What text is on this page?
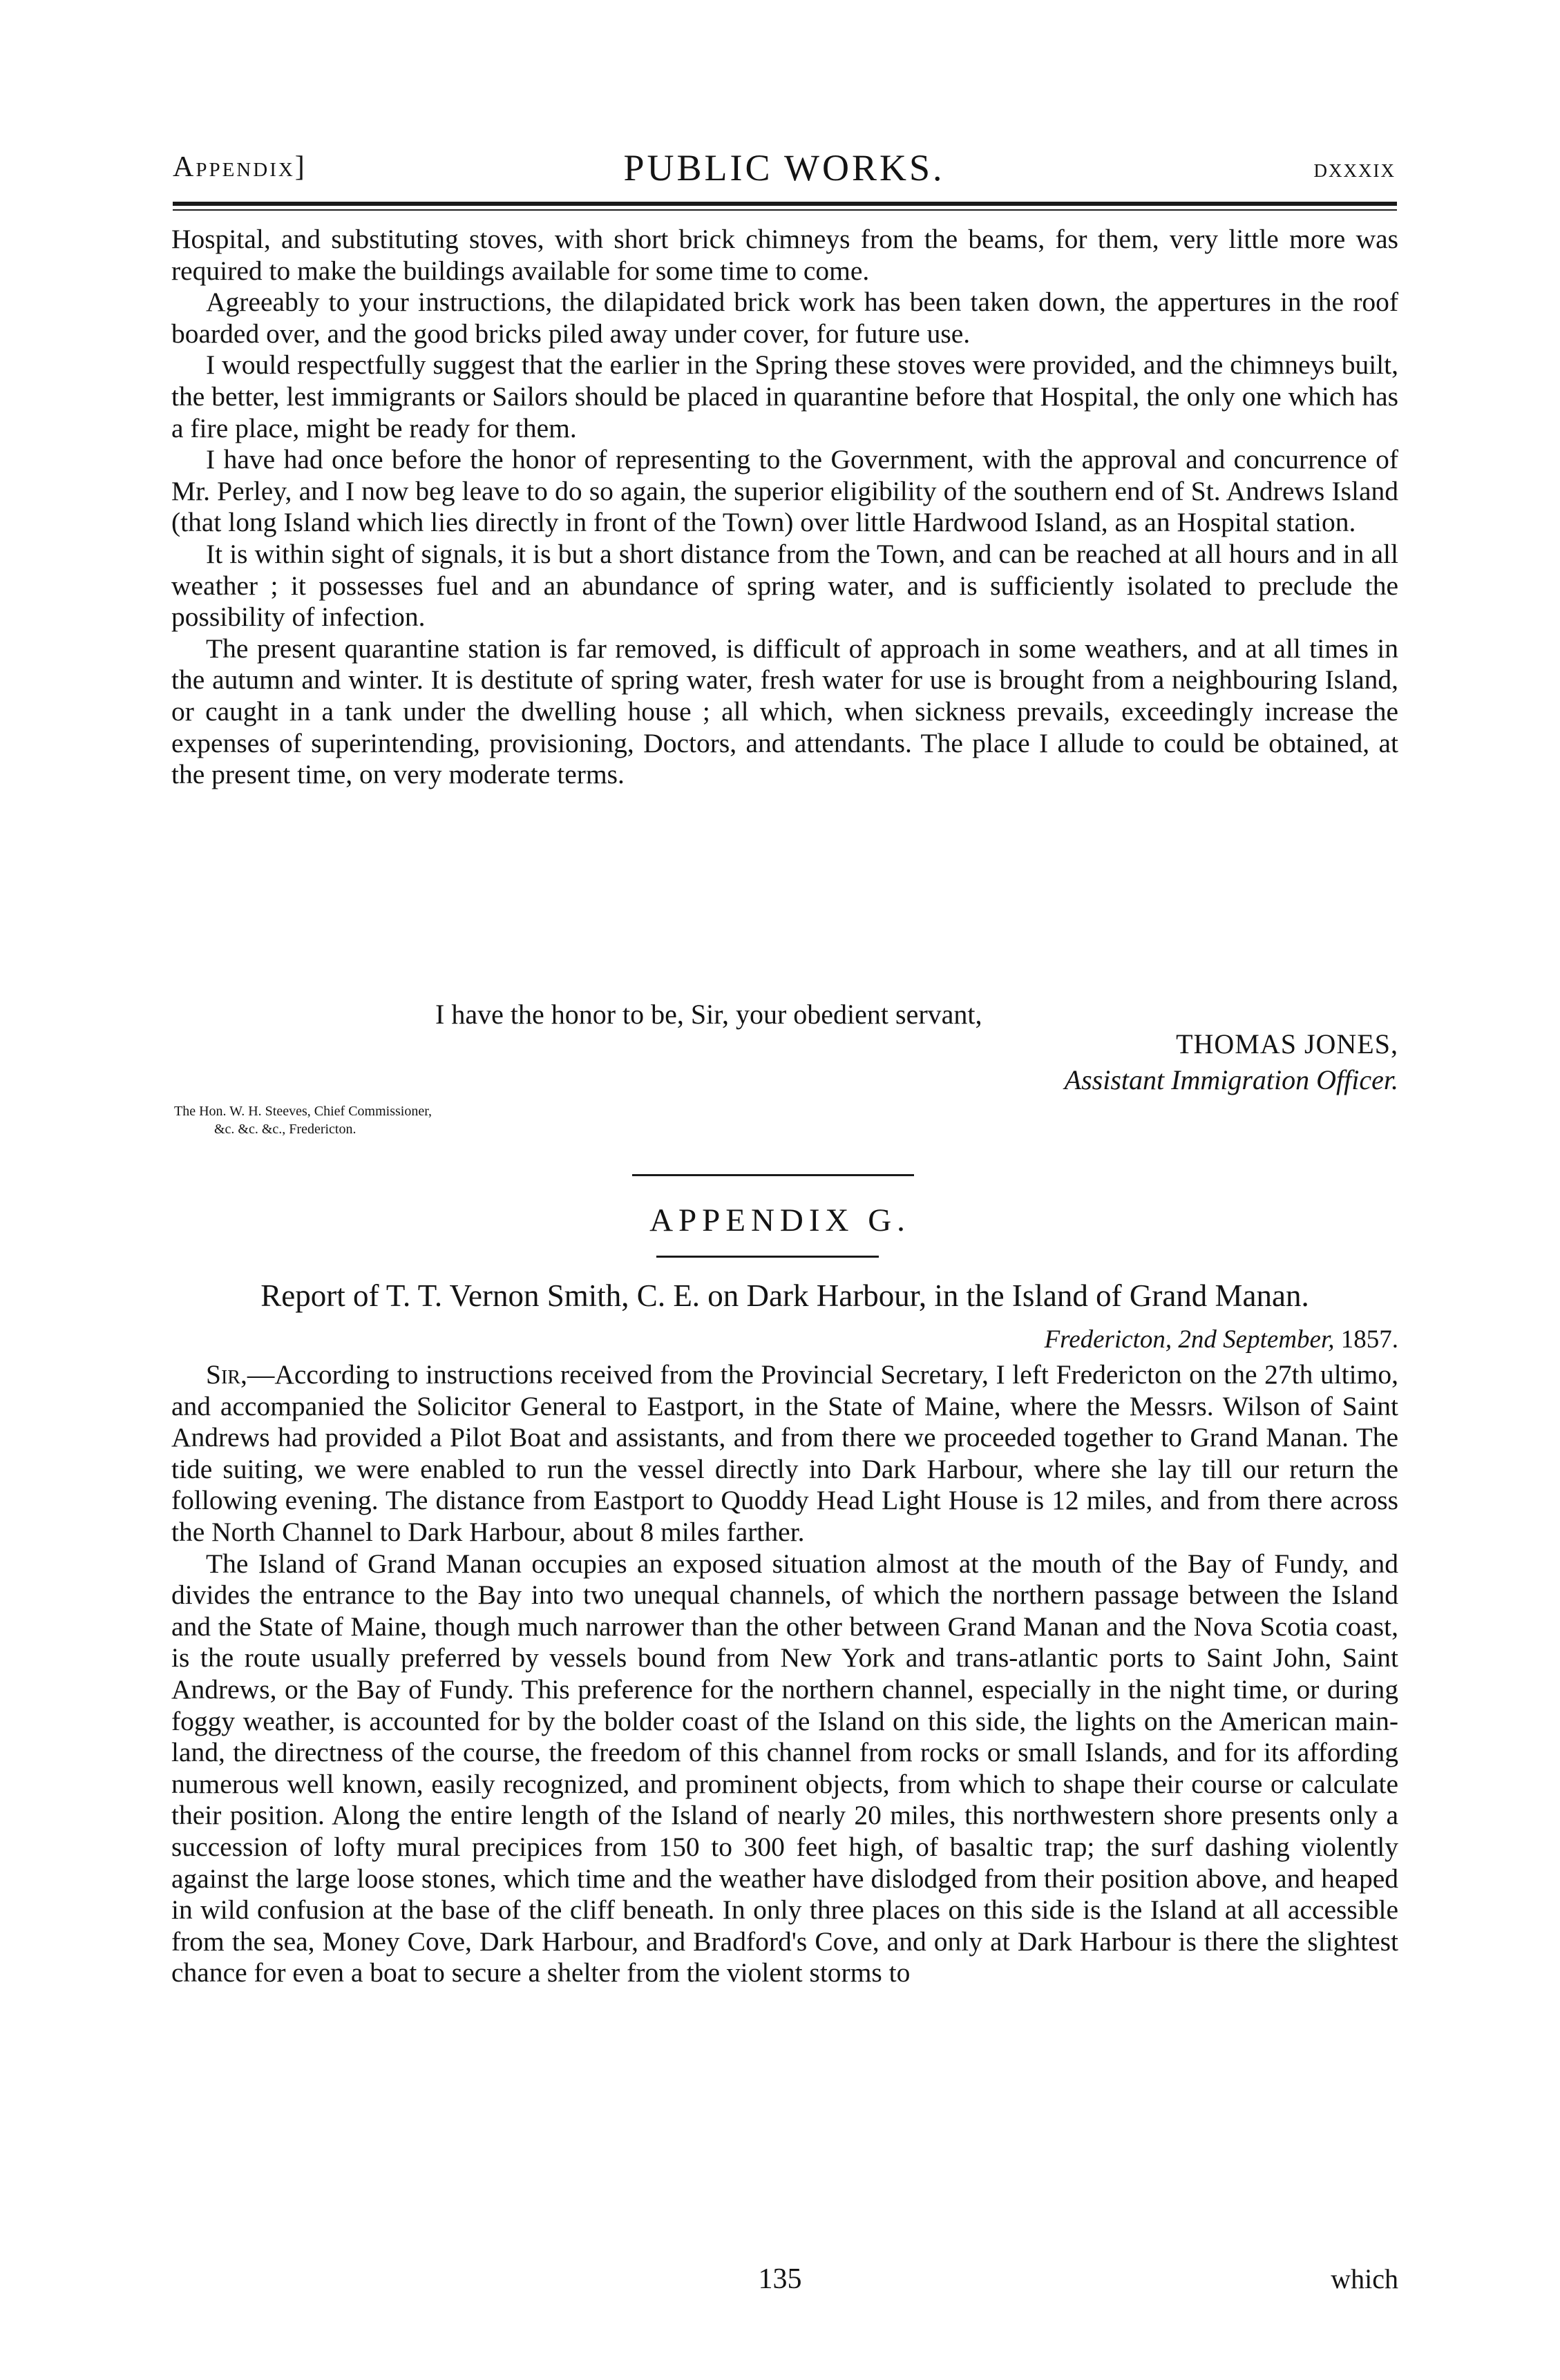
Appendix]	PUBLIC WORKS.	dxxxix

Hospital, and substituting stoves, with short brick chimneys from the beams, for them, very little more was required to make the buildings available for some time to come.

Agreeably to your instructions, the dilapidated brick work has been taken down, the appertures in the roof boarded over, and the good bricks piled away under cover, for future use.

I would respectfully suggest that the earlier in the Spring these stoves were provided, and the chimneys built, the better, lest immigrants or Sailors should be placed in quarantine before that Hospital, the only one which has a fire place, might be ready for them.

I have had once before the honor of representing to the Government, with the approval and concurrence of Mr. Perley, and I now beg leave to do so again, the superior eligibility of the southern end of St. Andrews Island (that long Island which lies directly in front of the Town) over little Hardwood Island, as an Hospital station.

It is within sight of signals, it is but a short distance from the Town, and can be reached at all hours and in all weather ; it possesses fuel and an abundance of spring water, and is sufficiently isolated to preclude the possibility of infection.

The present quarantine station is far removed, is difficult of approach in some weathers, and at all times in the autumn and winter. It is destitute of spring water, fresh water for use is brought from a neighbouring Island, or caught in a tank under the dwelling house ; all which, when sickness prevails, exceedingly increase the expenses of superintending, provisioning, Doctors, and attendants. The place I allude to could be obtained, at the present time, on very moderate terms.

I have the honor to be, Sir, your obedient servant,
THOMAS JONES,
Assistant Immigration Officer.
The Hon. W. H. Steeves, Chief Commissioner,
&c. &c. &c., Fredericton.
APPENDIX G.
Report of T. T. Vernon Smith, C. E. on Dark Harbour, in the Island of Grand Manan.
Fredericton, 2nd September, 1857.

Sir,—According to instructions received from the Provincial Secretary, I left Fredericton on the 27th ultimo, and accompanied the Solicitor General to Eastport, in the State of Maine, where the Messrs. Wilson of Saint Andrews had provided a Pilot Boat and assistants, and from there we proceeded together to Grand Manan. The tide suiting, we were enabled to run the vessel directly into Dark Harbour, where she lay till our return the following evening. The distance from Eastport to Quoddy Head Light House is 12 miles, and from there across the North Channel to Dark Harbour, about 8 miles farther.

The Island of Grand Manan occupies an exposed situation almost at the mouth of the Bay of Fundy, and divides the entrance to the Bay into two unequal channels, of which the northern passage between the Island and the State of Maine, though much narrower than the other between Grand Manan and the Nova Scotia coast, is the route usually preferred by vessels bound from New York and trans-atlantic ports to Saint John, Saint Andrews, or the Bay of Fundy. This preference for the northern channel, especially in the night time, or during foggy weather, is accounted for by the bolder coast of the Island on this side, the lights on the American main-land, the directness of the course, the freedom of this channel from rocks or small Islands, and for its affording numerous well known, easily recognized, and prominent objects, from which to shape their course or calculate their position. Along the entire length of the Island of nearly 20 miles, this northwestern shore presents only a succession of lofty mural precipices from 150 to 300 feet high, of basaltic trap; the surf dashing violently against the large loose stones, which time and the weather have dislodged from their position above, and heaped in wild confusion at the base of the cliff beneath. In only three places on this side is the Island at all accessible from the sea, Money Cove, Dark Harbour, and Bradford's Cove, and only at Dark Harbour is there the slightest chance for even a boat to secure a shelter from the violent storms to

135	which
